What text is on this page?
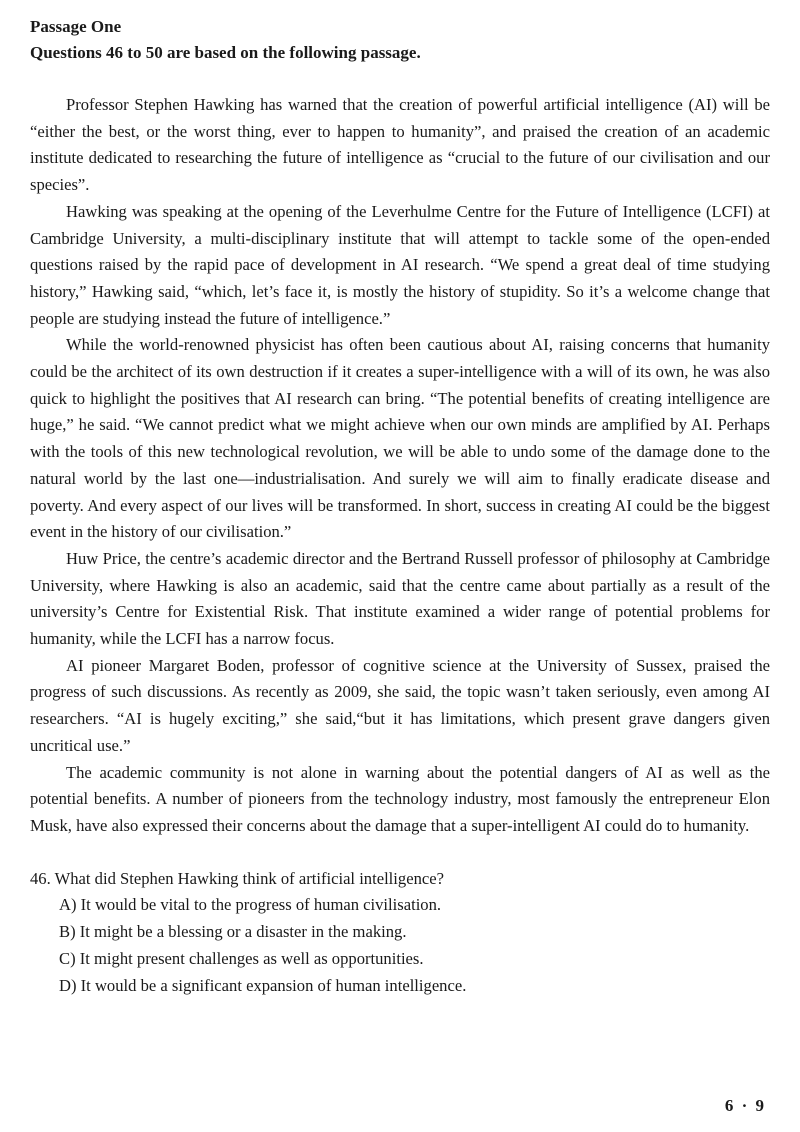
Passage One

Questions 46 to 50 are based on the following passage.

Professor Stephen Hawking has warned that the creation of powerful artificial intelligence (AI) will be “either the best, or the worst thing, ever to happen to humanity”, and praised the creation of an academic institute dedicated to researching the future of intelligence as “crucial to the future of our civilisation and our species”.

Hawking was speaking at the opening of the Leverhulme Centre for the Future of Intelligence (LCFI) at Cambridge University, a multi-disciplinary institute that will attempt to tackle some of the open-ended questions raised by the rapid pace of development in AI research. “We spend a great deal of time studying history,” Hawking said, “which, let’s face it, is mostly the history of stupidity. So it’s a welcome change that people are studying instead the future of intelligence.”

While the world-renowned physicist has often been cautious about AI, raising concerns that humanity could be the architect of its own destruction if it creates a super-intelligence with a will of its own, he was also quick to highlight the positives that AI research can bring. “The potential benefits of creating intelligence are huge,” he said. “We cannot predict what we might achieve when our own minds are amplified by AI. Perhaps with the tools of this new technological revolution, we will be able to undo some of the damage done to the natural world by the last one—industrialisation. And surely we will aim to finally eradicate disease and poverty. And every aspect of our lives will be transformed. In short, success in creating AI could be the biggest event in the history of our civilisation.”

Huw Price, the centre’s academic director and the Bertrand Russell professor of philosophy at Cambridge University, where Hawking is also an academic, said that the centre came about partially as a result of the university’s Centre for Existential Risk. That institute examined a wider range of potential problems for humanity, while the LCFI has a narrow focus.

AI pioneer Margaret Boden, professor of cognitive science at the University of Sussex, praised the progress of such discussions. As recently as 2009, she said, the topic wasn’t taken seriously, even among AI researchers. “AI is hugely exciting,” she said,“but it has limitations, which present grave dangers given uncritical use.”

The academic community is not alone in warning about the potential dangers of AI as well as the potential benefits. A number of pioneers from the technology industry, most famously the entrepreneur Elon Musk, have also expressed their concerns about the damage that a super-intelligent AI could do to humanity.

46. What did Stephen Hawking think of artificial intelligence?

A) It would be vital to the progress of human civilisation.
B) It might be a blessing or a disaster in the making.
C) It might present challenges as well as opportunities.
D) It would be a significant expansion of human intelligence.
6 · 9
